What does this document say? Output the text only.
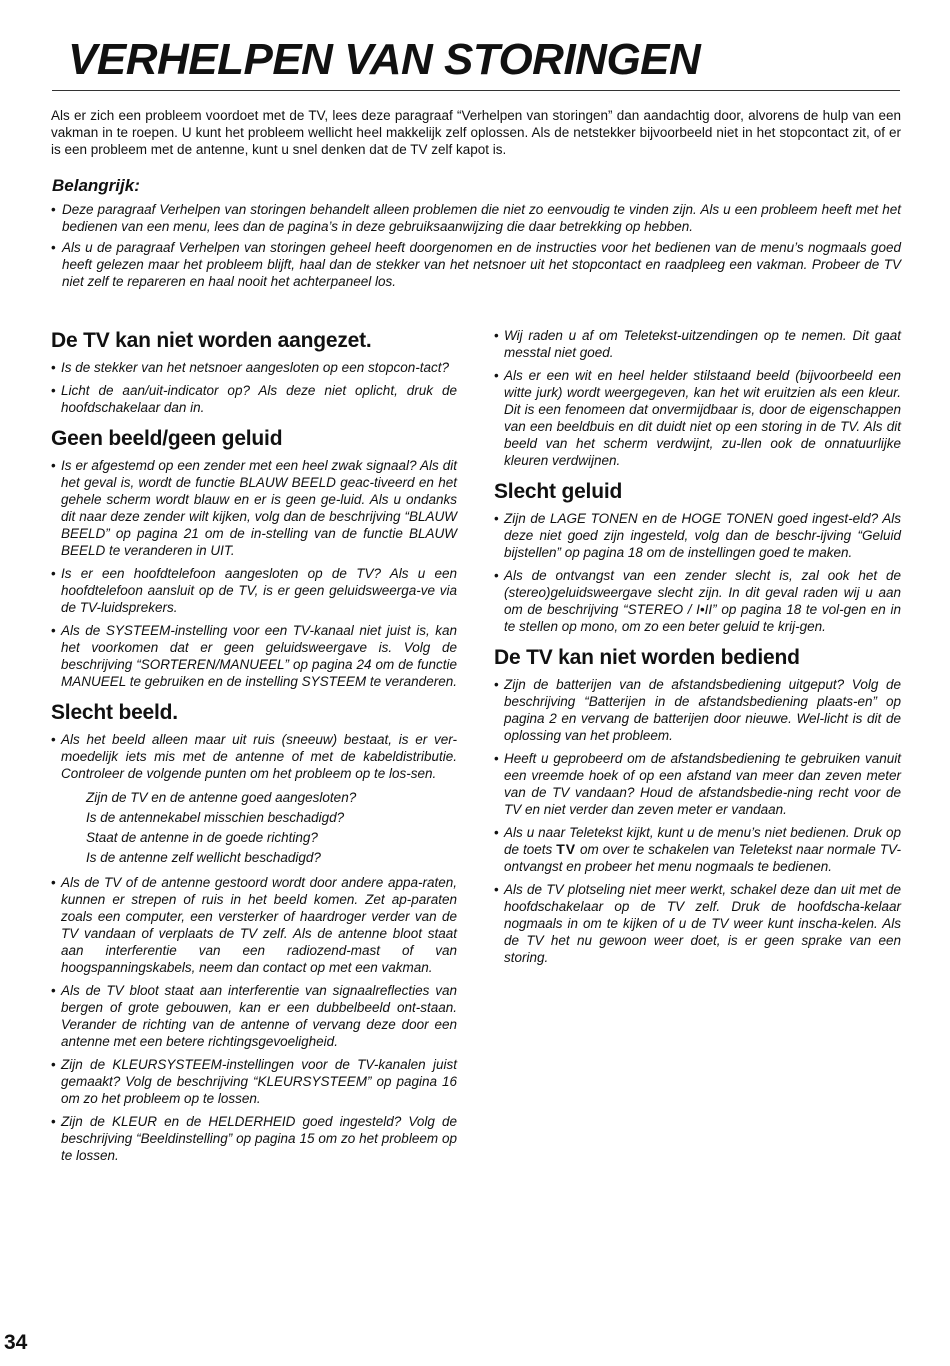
VERHELPEN VAN STORINGEN

Als er zich een probleem voordoet met de TV, lees deze paragraaf “Verhelpen van storingen” dan aandachtig door, alvorens de hulp van een vakman in te roepen. U kunt het probleem wellicht heel makkelijk zelf oplossen. Als de netstekker bijvoorbeeld niet in het stopcontact zit, of er is een probleem met de antenne, kunt u snel denken dat de TV zelf kapot is.

Belangrijk:
• Deze paragraaf Verhelpen van storingen behandelt alleen problemen die niet zo eenvoudig te vinden zijn. Als u een probleem heeft met het bedienen van een menu, lees dan de pagina’s in deze gebruiksaanwijzing die daar betrekking op hebben.
• Als u de paragraaf Verhelpen van storingen geheel heeft doorgenomen en de instructies voor het bedienen van de menu’s nogmaals goed heeft gelezen maar het probleem blijft, haal dan de stekker van het netsnoer uit het stopcontact en raadpleeg een vakman. Probeer de TV niet zelf te repareren en haal nooit het achterpaneel los.
De TV kan niet worden aangezet.
• Is de stekker van het netsnoer aangesloten op een stopcon-tact?
• Licht de aan/uit-indicator op? Als deze niet oplicht, druk de hoofdschakelaar dan in.
Geen beeld/geen geluid
• Is er afgestemd op een zender met een heel zwak signaal? Als dit het geval is, wordt de functie BLAUW BEELD geac-tiveerd en het gehele scherm wordt blauw en er is geen ge-luid. Als u ondanks dit naar deze zender wilt kijken, volg dan de beschrijving “BLAUW BEELD” op pagina 21 om de in-stelling van de functie BLAUW BEELD te veranderen in UIT.
• Is er een hoofdtelefoon aangesloten op de TV? Als u een hoofdtelefoon aansluit op de TV, is er geen geluidsweerga-ve via de TV-luidsprekers.
• Als de SYSTEEM-instelling voor een TV-kanaal niet juist is, kan het voorkomen dat er geen geluidsweergave is. Volg de beschrijving “SORTEREN/MANUEEL” op pagina 24 om de functie MANUEEL te gebruiken en de instelling SYSTEEM te veranderen.
Slecht beeld.
• Als het beeld alleen maar uit ruis (sneeuw) bestaat, is er ver-moedelijk iets mis met de antenne of met de kabeldistributie. Controleer de volgende punten om het probleem op te los-sen.
Zijn de TV en de antenne goed aangesloten?
Is de antennekabel misschien beschadigd?
Staat de antenne in de goede richting?
Is de antenne zelf wellicht beschadigd?
• Als de TV of de antenne gestoord wordt door andere appa-raten, kunnen er strepen of ruis in het beeld komen. Zet ap-paraten zoals een computer, een versterker of haardroger verder van de TV vandaan of verplaats de TV zelf. Als de antenne bloot staat aan interferentie van een radiozend-mast of van hoogspanningskabels, neem dan contact op met een vakman.
• Als de TV bloot staat aan interferentie van signaalreflecties van bergen of grote gebouwen, kan er een dubbelbeeld ont-staan. Verander de richting van de antenne of vervang deze door een antenne met een betere richtingsgevoeligheid.
• Zijn de KLEURSYSTEEM-instellingen voor de TV-kanalen juist gemaakt? Volg de beschrijving “KLEURSYSTEEM” op pagina 16 om zo het probleem op te lossen.
• Zijn de KLEUR en de HELDERHEID goed ingesteld? Volg de beschrijving “Beeldinstelling” op pagina 15 om zo het probleem op te lossen.
• Wij raden u af om Teletekst-uitzendingen op te nemen. Dit gaat messtal niet goed.
• Als er een wit en heel helder stilstaand beeld (bijvoorbeeld een witte jurk) wordt weergegeven, kan het wit eruitzien als een kleur. Dit is een fenomeen dat onvermijdbaar is, door de eigenschappen van een beeldbuis en dit duidt niet op een storing in de TV. Als dit beeld van het scherm verdwijnt, zu-llen ook de onnatuurlijke kleuren verdwijnen.
Slecht geluid
• Zijn de LAGE TONEN en de HOGE TONEN goed ingest-eld? Als deze niet goed zijn ingesteld, volg dan de beschr-ijving “Geluid bijstellen” op pagina 18 om de instellingen goed te maken.
• Als de ontvangst van een zender slecht is, zal ook het de (stereo)geluidsweergave slecht zijn. In dit geval raden wij u aan om de beschrijving “STEREO / I•II” op pagina 18 te vol-gen en in te stellen op mono, om zo een beter geluid te krij-gen.
De TV kan niet worden bediend
• Zijn de batterijen van de afstandsbediening uitgeput? Volg de beschrijving “Batterijen in de afstandsbediening plaats-en” op pagina 2 en vervang de batterijen door nieuwe. Wel-licht is dit de oplossing van het probleem.
• Heeft u geprobeerd om de afstandsbediening te gebruiken vanuit een vreemde hoek of op een afstand van meer dan zeven meter van de TV vandaan? Houd de afstandsbedie-ning recht voor de TV en niet verder dan zeven meter er vandaan.
• Als u naar Teletekst kijkt, kunt u de menu’s niet bedienen. Druk op de toets TV om over te schakelen van Teletekst naar normale TV-ontvangst en probeer het menu nogmaals te bedienen.
• Als de TV plotseling niet meer werkt, schakel deze dan uit met de hoofdschakelaar op de TV zelf. Druk de hoofdscha-kelaar nogmaals in om te kijken of u de TV weer kunt inscha-kelen. Als de TV het nu gewoon weer doet, is er geen sprake van een storing.
34
